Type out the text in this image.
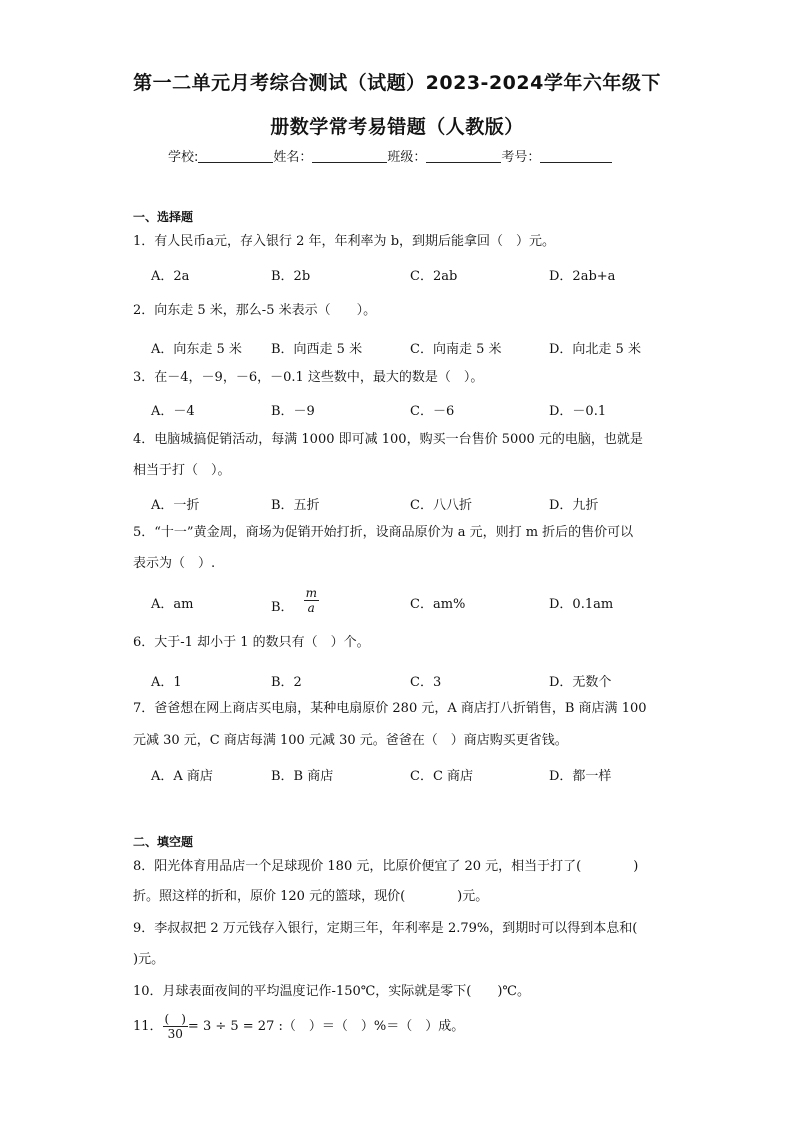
第一二单元月考综合测试（试题）2023-2024学年六年级下
册数学常考易错题（人教版）
学校:	姓名：	班级：	考号：
一、选择题
1．有人民币a元，存入银行 2 年，年利率为 b，到期后能拿回（　）元。
A．2a	B．2b	C．2ab	D．2ab+a
2．向东走 5 米，那么-5 米表示（　　）。
A．向东走 5 米 B．向西走 5 米	C．向南走 5 米	D．向北走 5 米
3．在－4，－9，－6，－0.1 这些数中，最大的数是（　）。
A．－4	B．－9	C．－6	D．－0.1
4．电脑城搞促销活动，每满 1000 即可减 100，购买一台售价 5000 元的电脑，也就是
相当于打（　）。
A．一折	B．五折	C．八八折	D．九折
5．“十一”黄金周，商场为促销开始打折，设商品原价为 a 元，则打 m 折后的售价可以
表示为（　）.
A．am	B． $\frac{m}{a}$	C．am%	D．0.1am
6．大于-1 却小于 1 的数只有（　）个。
A．1	B．2	C．3	D．无数个
7．爸爸想在网上商店买电扇，某种电扇原价 280 元，A 商店打八折销售，B 商店满 100
元减 30 元，C 商店每满 100 元减 30 元。爸爸在（　）商店购买更省钱。
A．A 商店	B．B 商店	C．C 商店	D．都一样
二、填空题
8．阳光体育用品店一个足球现价 180 元，比原价便宜了 20 元，相当于打了(　　　　)
折。照这样的折和，原价 120 元的篮球，现价(　　　　)元。
9．李叔叔把 2 万元钱存入银行，定期三年，年利率是 2.79%，到期时可以得到本息和(
)元。
10．月球表面夜间的平均温度记作-150℃，实际就是零下(　　)℃。
11． $\frac{( )}{30} = 3 \div 5 = 27$ :（　）＝（　）%＝（　）成。
